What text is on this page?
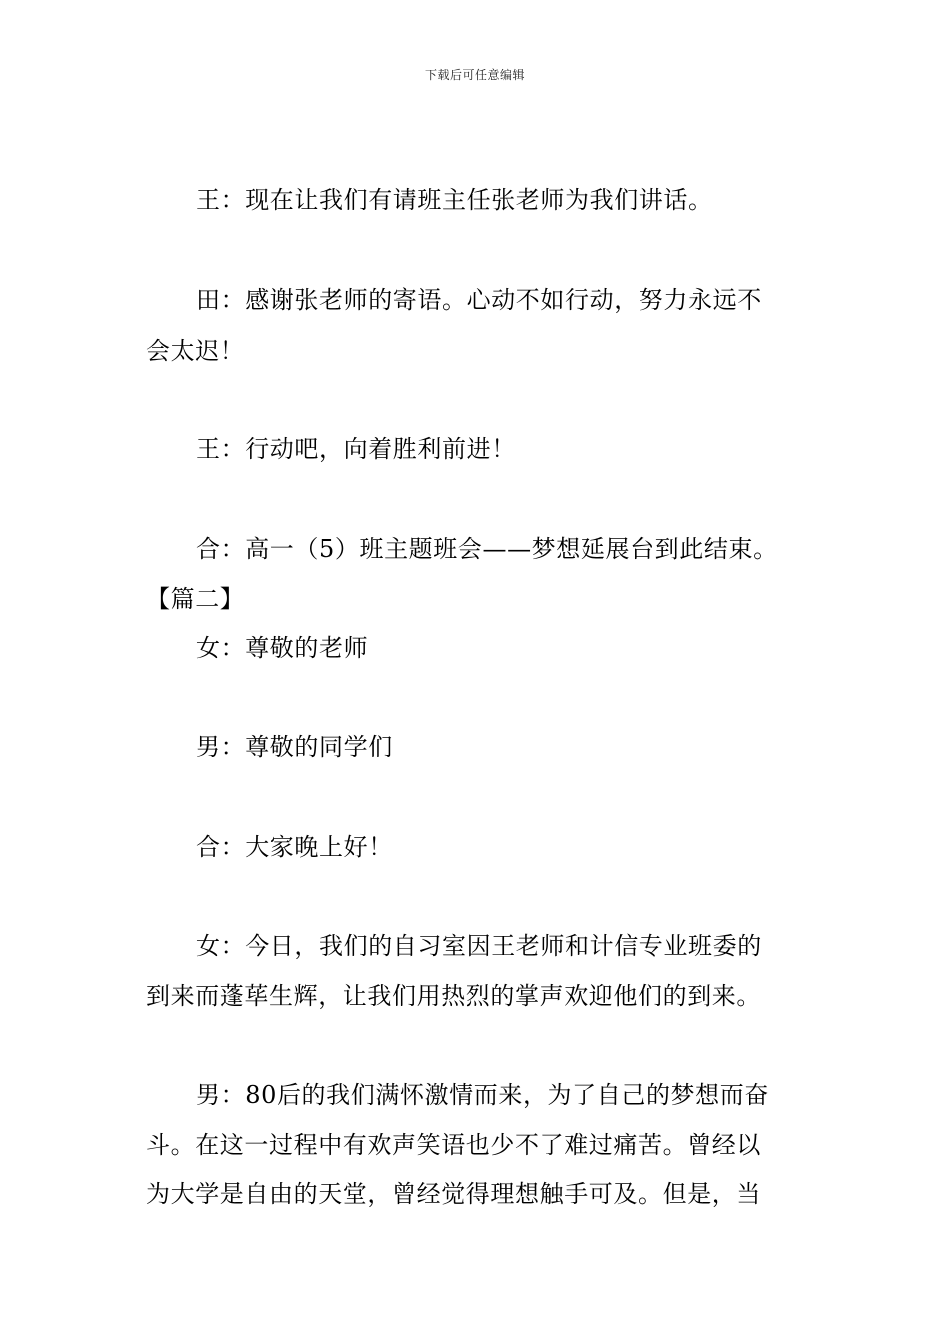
下载后可任意编辑
王：现在让我们有请班主任张老师为我们讲话。
田：感谢张老师的寄语。心动不如行动，努力永远不
会太迟！
王：行动吧，向着胜利前进！
合：高一（5）班主题班会——梦想延展台到此结束。
【篇二】
女：尊敬的老师
男：尊敬的同学们
合：大家晚上好！
女：今日，我们的自习室因王老师和计信专业班委的
到来而蓬荜生辉，让我们用热烈的掌声欢迎他们的到来。
男：80后的我们满怀激情而来，为了自己的梦想而奋
斗。在这一过程中有欢声笑语也少不了难过痛苦。曾经以
为大学是自由的天堂，曾经觉得理想触手可及。但是，当
